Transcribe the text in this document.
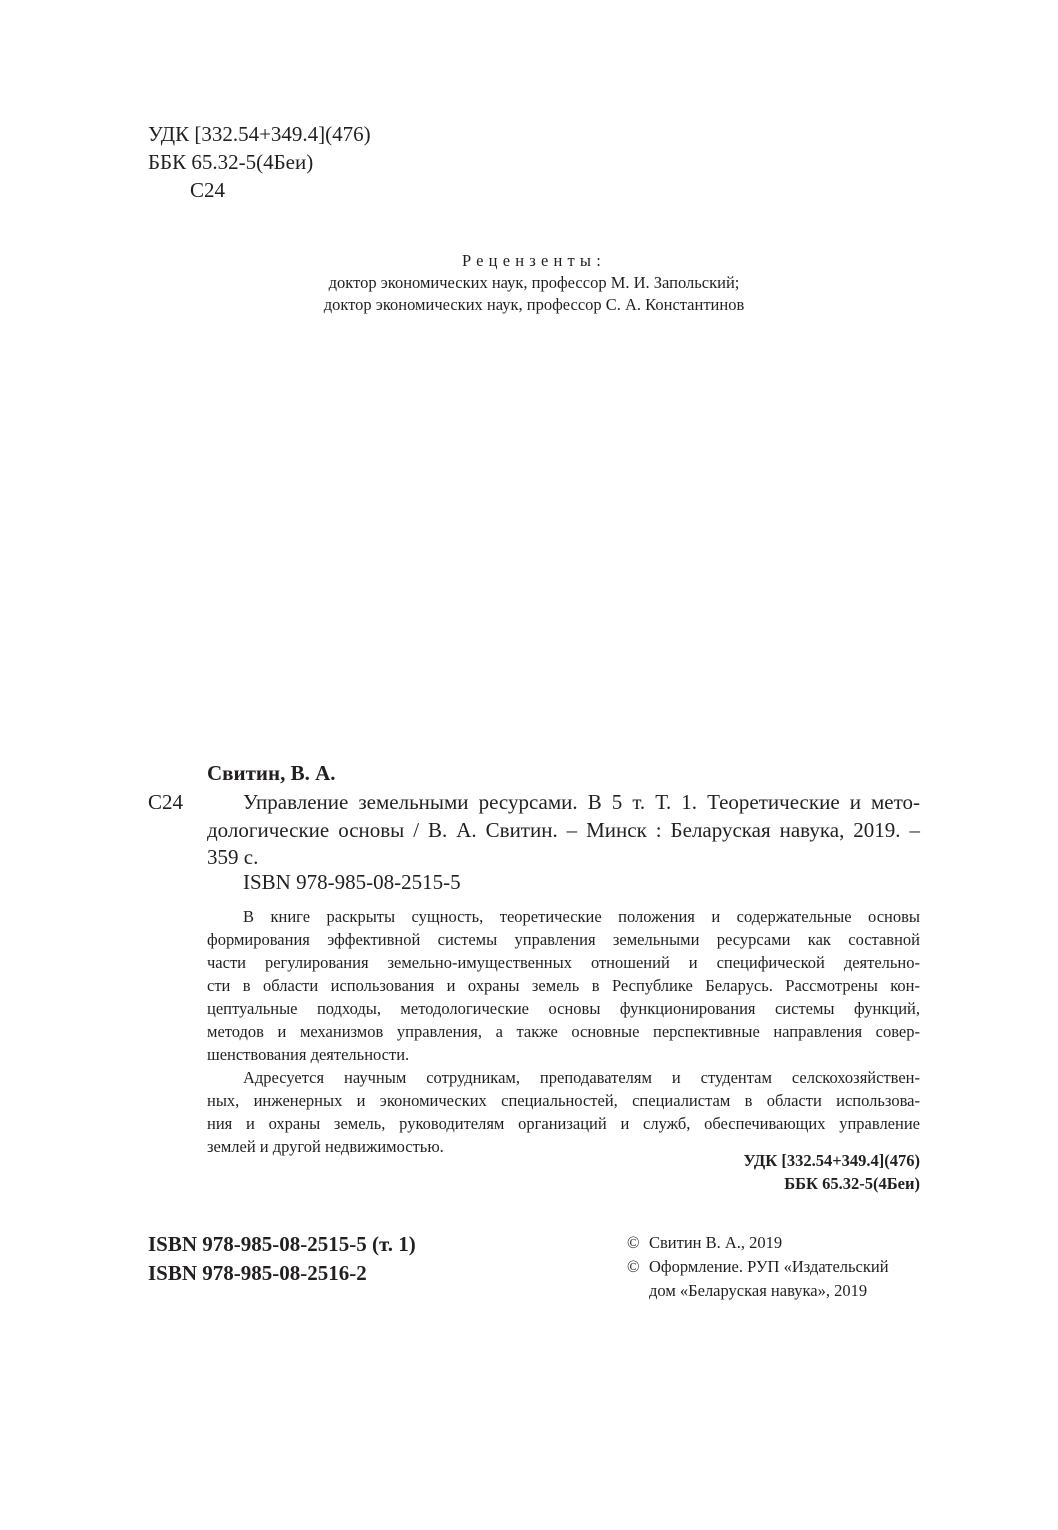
УДК [332.54+349.4](476)

ББК 65.32-5(4Беи)

С24

Рецензенты:
доктор экономических наук, профессор М. И. Запольский;
доктор экономических наук, профессор С. А. Константинов

Свитин, В. А.

С24	Управление земельными ресурсами. В 5 т. Т. 1. Теоретические и мето-
дологические основы / В. А. Свитин. – Минск : Беларуская навука, 2019. –
359 с.

ISBN 978-985-08-2515-5

В книге раскрыты сущность, теоретические положения и содержательные основы
формирования эффективной системы управления земельными ресурсами как составной
части регулирования земельно-имущественных отношений и специфической деятельно-
сти в области использования и охраны земель в Республике Беларусь. Рассмотрены кон-
цептуальные подходы, методологические основы функционирования системы функций,
методов и механизмов управления, а также основные перспективные направления совер-
шенствования деятельности.
Адресуется научным сотрудникам, преподавателям и студентам селскохозяйствен-
ных, инженерных и экономических специальностей, специалистам в области использова-
ния и охраны земель, руководителям организаций и служб, обеспечивающих управление
землей и другой недвижимостью.
УДК [332.54+349.4](476)
ББК 65.32-5(4Беи)
ISBN 978-985-08-2515-5 (т. 1)
ISBN 978-985-08-2516-2
© Свитин В. А., 2019
© Оформление. РУП «Издательский
дом «Беларуская навука», 2019
